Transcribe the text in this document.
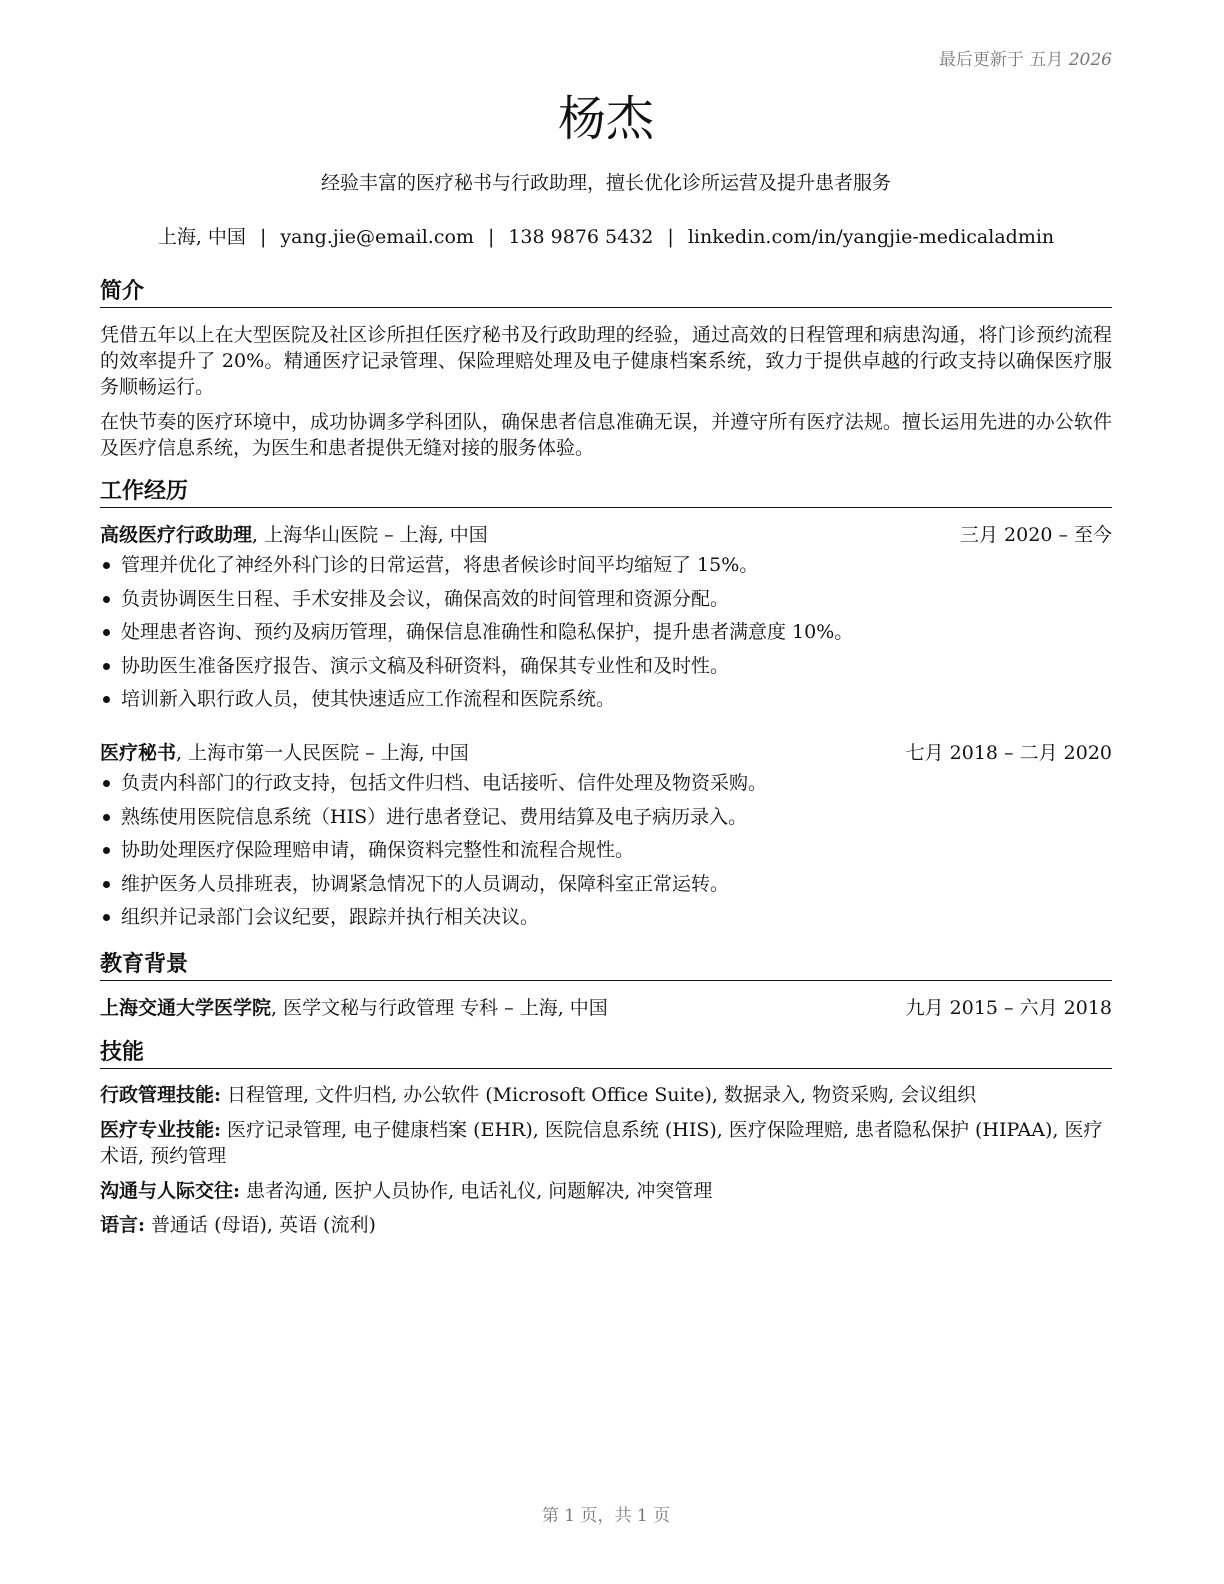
最后更新于 五月 2026
杨杰
经验丰富的医疗秘书与行政助理，擅长优化诊所运营及提升患者服务
上海, 中国 | yang.jie@email.com | 138 9876 5432 | linkedin.com/in/yangjie-medicaladmin
简介
凭借五年以上在大型医院及社区诊所担任医疗秘书及行政助理的经验，通过高效的日程管理和病患沟通，将门诊预约流程的效率提升了 20%。精通医疗记录管理、保险理赔处理及电子健康档案系统，致力于提供卓越的行政支持以确保医疗服务顺畅运行。
在快节奏的医疗环境中，成功协调多学科团队，确保患者信息准确无误，并遵守所有医疗法规。擅长运用先进的办公软件及医疗信息系统，为医生和患者提供无缝对接的服务体验。
工作经历
高级医疗行政助理, 上海华山医院 – 上海, 中国	三月 2020 – 至今
管理并优化了神经外科门诊的日常运营，将患者候诊时间平均缩短了 15%。
负责协调医生日程、手术安排及会议，确保高效的时间管理和资源分配。
处理患者咨询、预约及病历管理，确保信息准确性和隐私保护，提升患者满意度 10%。
协助医生准备医疗报告、演示文稿及科研资料，确保其专业性和及时性。
培训新入职行政人员，使其快速适应工作流程和医院系统。
医疗秘书, 上海市第一人民医院 – 上海, 中国	七月 2018 – 二月 2020
负责内科部门的行政支持，包括文件归档、电话接听、信件处理及物资采购。
熟练使用医院信息系统（HIS）进行患者登记、费用结算及电子病历录入。
协助处理医疗保险理赔申请，确保资料完整性和流程合规性。
维护医务人员排班表，协调紧急情况下的人员调动，保障科室正常运转。
组织并记录部门会议纪要，跟踪并执行相关决议。
教育背景
上海交通大学医学院, 医学文秘与行政管理 专科 – 上海, 中国	九月 2015 – 六月 2018
技能
行政管理技能: 日程管理, 文件归档, 办公软件 (Microsoft Office Suite), 数据录入, 物资采购, 会议组织
医疗专业技能: 医疗记录管理, 电子健康档案 (EHR), 医院信息系统 (HIS), 医疗保险理赔, 患者隐私保护 (HIPAA), 医疗术语, 预约管理
沟通与人际交往: 患者沟通, 医护人员协作, 电话礼仪, 问题解决, 冲突管理
语言: 普通话 (母语), 英语 (流利)
第 1 页，共 1 页
